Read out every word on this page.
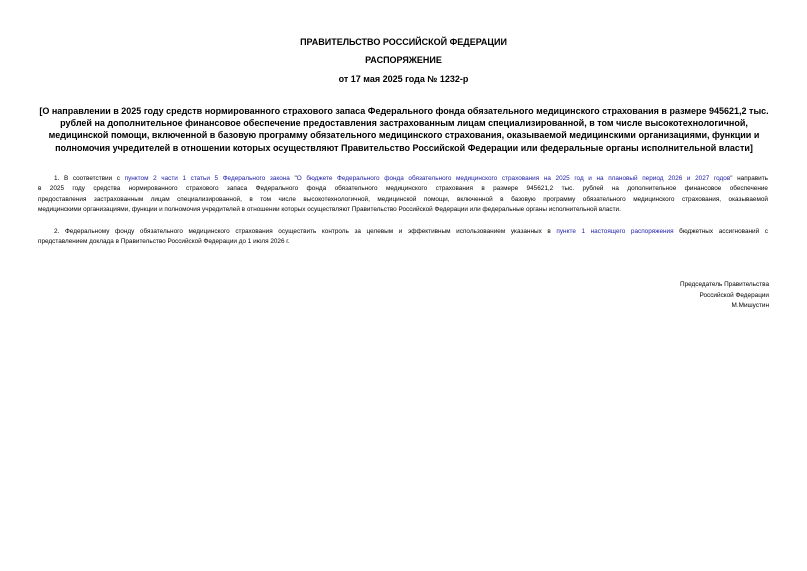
ПРАВИТЕЛЬСТВО РОССИЙСКОЙ ФЕДЕРАЦИИ
РАСПОРЯЖЕНИЕ
от 17 мая 2025 года № 1232-р
[О направлении в 2025 году средств нормированного страхового запаса Федерального фонда обязательного медицинского страхования в размере 945621,2 тыс.
рублей на дополнительное финансовое обеспечение предоставления застрахованным лицам специализированной, в том числе высокотехнологичной,
медицинской помощи, включенной в базовую программу обязательного медицинского страхования, оказываемой медицинскими организациями, функции и
полномочия учредителей в отношении которых осуществляют Правительство Российской Федерации или федеральные органы исполнительной власти]
1. В соответствии с пунктом 2 части 1 статьи 5 Федерального закона "О бюджете Федерального фонда обязательного медицинского страхования на 2025 год и на плановый период 2026 и 2027 годов" направить
в 2025 году средства нормированного страхового запаса Федерального фонда обязательного медицинского страхования в размере 945621,2 тыс. рублей на дополнительное финансовое обеспечение
предоставления застрахованным лицам специализированной, в том числе высокотехнологичной, медицинской помощи, включенной в базовую программу обязательного медицинского страхования, оказываемой
медицинскими организациями, функции и полномочия учредителей в отношении которых осуществляют Правительство Российской Федерации или федеральные органы исполнительной власти.
2. Федеральному фонду обязательного медицинского страхования осуществить контроль за целевым и эффективным использованием указанных в пункте 1 настоящего распоряжения бюджетных ассигнований с
представлением доклада в Правительство Российской Федерации до 1 июля 2026 г.
Председатель Правительства
Российской Федерации
М.Мишустин
